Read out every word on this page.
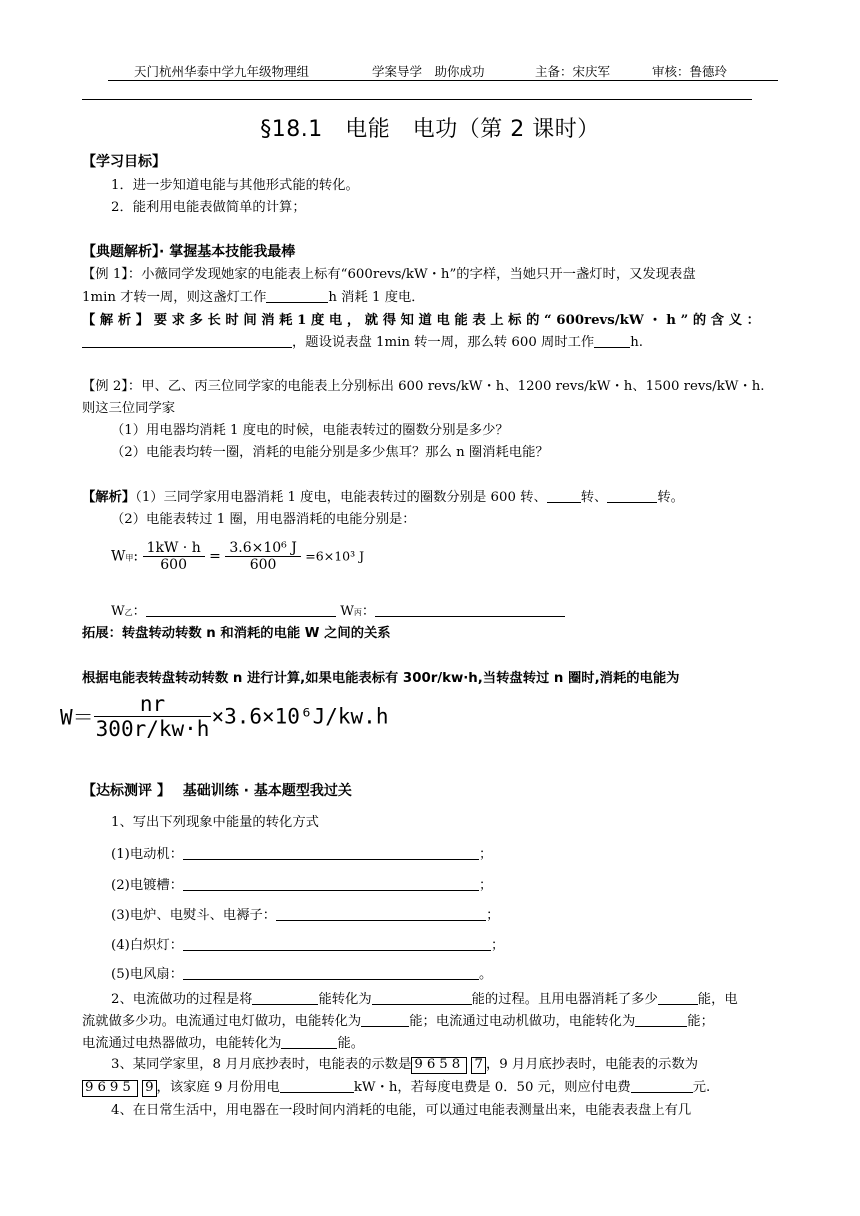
天门杭州华泰中学九年级物理组	学案导学　助你成功	主备：宋庆军	审核：鲁德玲
§18.1　电能　电功（第 2 课时）
【学习目标】
1．进一步知道电能与其他形式能的转化。
2．能利用电能表做简单的计算；
【典题解析】· 掌握基本技能我最棒
【例 1】：小薇同学发现她家的电能表上标有“600revs/kW・h”的字样，当她只开一盏灯时，又发现表盘
1min 才转一周，则这盏灯工作	h 消耗 1 度电．
【 解 析 】 要 求 多 长 时 间 消 耗 1 度 电 ， 就 得 知 道 电 能 表 上 标 的 “ 600revs/kW ・ h ” 的 含 义 ：
，题设说表盘 1min 转一周，那么转 600 周时工作	h.
【例 2】：甲、乙、丙三位同学家的电能表上分别标出 600 revs/kW・h、1200 revs/kW・h、1500 revs/kW・h.
则这三位同学家
（1）用电器均消耗 1 度电的时候，电能表转过的圈数分别是多少？
（2）电能表均转一圈，消耗的电能分别是多少焦耳？那么 n 圈消耗电能？
【解析】（1）三同学家用电器消耗 1 度电，电能表转过的圈数分别是 600 转、	转、	转。
（2）电能表转过 1 圈，用电器消耗的电能分别是：
W甲: $\frac{1kW \cdot h}{600} = \frac{\text{3.6×10⁶ J}}{600} =6\times 10^3$ J
W乙：	W丙：
拓展：转盘转动转数 n 和消耗的电能 W 之间的关系
根据电能表转盘转动转数 n 进行计算,如果电能表标有 300r/kw·h,当转盘转过 n 圈时,消耗的电能为
$W= \frac{nr}{300r/kw\cdot h} \times 3.6\times 10^6J/kw.h$
【达标测评 】　 基础训练 · 基本题型我过关
1、写出下列现象中能量的转化方式
(1)电动机：	；
(2)电镀槽：	；
(3)电炉、电熨斗、电褥子：	；
(4)白炽灯：	；
(5)电风扇：	。
2、电流做功的过程是将	能转化为	能的过程。且用电器消耗了多少	能，电
流就做多少功。电流通过电灯做功，电能转化为	能；电流通过电动机做功，电能转化为	能；
电流通过电热器做功，电能转化为	能。
3、某同学家里，8 月月底抄表时，电能表的示数是 9658 7 ，9 月月底抄表时，电能表的示数为
9695 9 ，该家庭 9 月份用电	kW・h，若每度电费是 0．50 元，则应付电费	元.
4、在日常生活中，用电器在一段时间内消耗的电能，可以通过电能表测量出来，电能表表盘上有几
